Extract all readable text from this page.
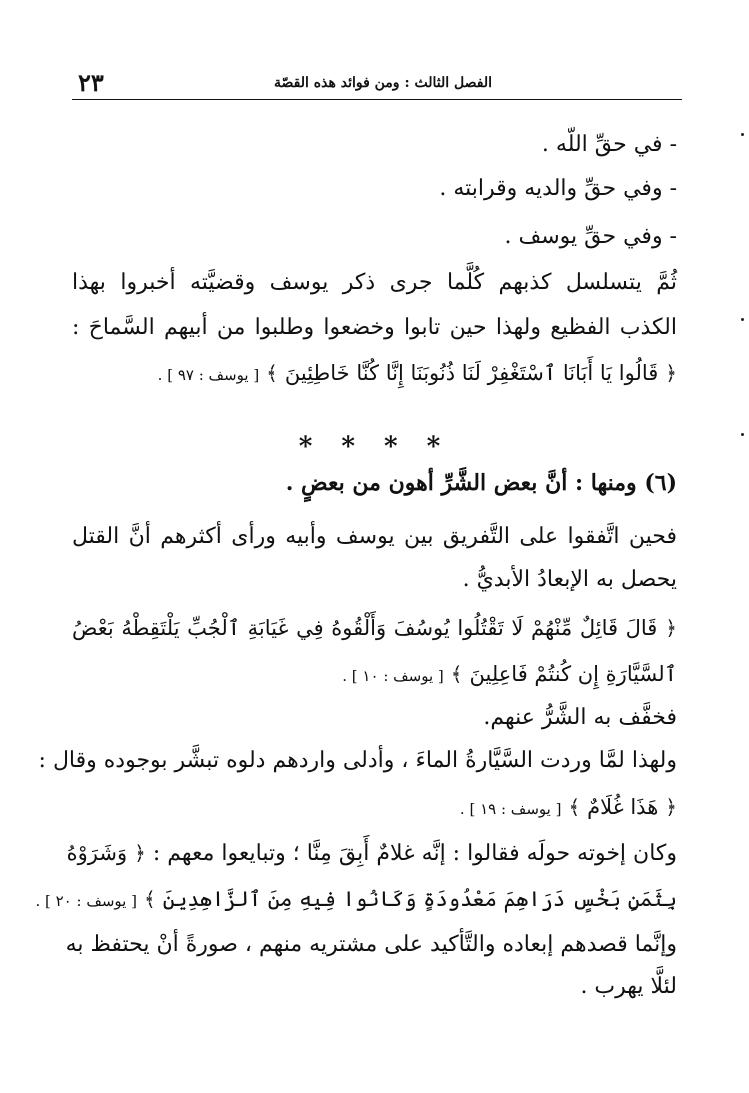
٢٣	الفصل الثالث : ومن فوائد هذه القصّة
- في حقِّ اللّه .
- وفي حقِّ والديه وقرابته .
- وفي حقِّ يوسف .
ثُمَّ يتسلسل كذبهم كُلَّما جرى ذكر يوسف وقضيَّته أخبروا بهذا
الكذب الفظيع ولهذا حين تابوا وخضعوا وطلبوا من أبيهم السَّماحَ :
﴿ قَالُوا يَا أَبَانَا ٱسْتَغْفِرْ لَنَا ذُنُوبَنَا إِنَّا كُنَّا خَاطِئِينَ ﴾ [ يوسف : ٩٧ ] .
* * * *
(٦) ومنها : أنَّ بعض الشَّرِّ أهون من بعضٍ .
فحين اتَّفقوا على التَّفريق بين يوسف وأبيه ورأى أكثرهم أنَّ القتل
يحصل به الإبعادُ الأبديُّ .
﴿ قَالَ قَائِلٌ مِّنْهُمْ لَا تَقْتُلُوا يُوسُفَ وَأَلْقُوهُ فِي غَيَابَةِ ٱلْجُبِّ يَلْتَقِطْهُ بَعْضُ
ٱلسَّيَّارَةِ إِن كُنتُمْ فَاعِلِينَ ﴾ [ يوسف : ١٠ ] .
فخفَّف به الشَّرُّ عنهم.
ولهذا لمَّا وردت السَّيَّارةُ الماءَ ، وأدلى واردهم دلوه تبشَّر بوجوده وقال :
﴿ هَذَا غُلَامٌ ﴾ [ يوسف : ١٩ ] .
وكان إخوته حولَه فقالوا : إنَّه غلامٌ أَبِقَ مِنَّا ؛ وتبايعوا معهم : ﴿ وَشَرَوْهُ
بِثَمَنٍ بَخْسٍ دَرَاهِمَ مَعْدُودَةٍ وَكَانُوا فِيهِ مِنَ ٱلزَّاهِدِينَ ﴾ [ يوسف : ٢٠ ] .
وإنَّما قصدهم إبعاده والتَّأكيد على مشتريه منهم ، صورةً أنْ يحتفظ به
لئلَّا يهرب .
